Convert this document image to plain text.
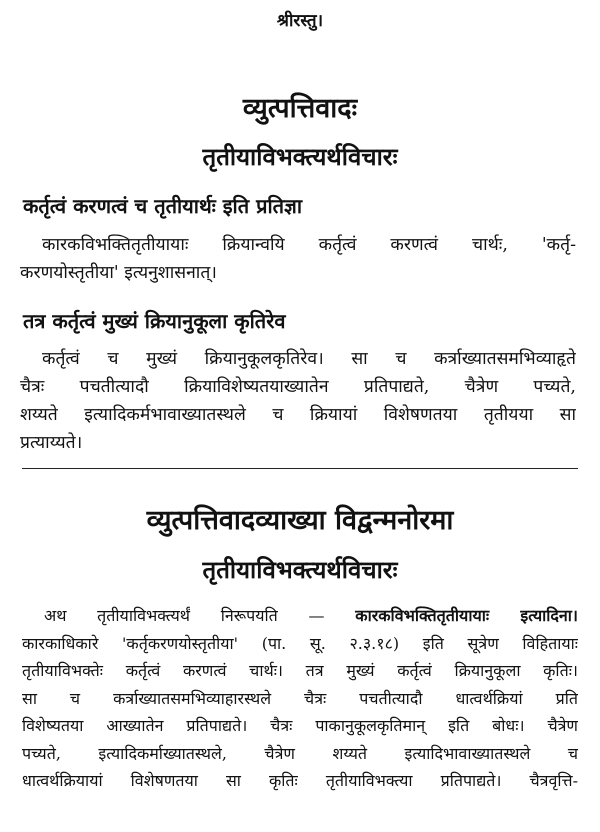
श्रीरस्तु।
व्युत्पत्तिवादः
तृतीयाविभक्त्यर्थविचारः
कर्तृत्वं करणत्वं च तृतीयार्थः इति प्रतिज्ञा
कारकविभक्तितृतीयायाः क्रियान्वयि कर्तृत्वं करणत्वं चार्थः, 'कर्तृ-
करणयोस्तृतीया' इत्यनुशासनात्।
तत्र कर्तृत्वं मुख्यं क्रियानुकूला कृतिरेव
कर्तृत्वं च मुख्यं क्रियानुकूलकृतिरेव। सा च कर्त्राख्यातसमभिव्याहृते
चैत्रः पचतीत्यादौ क्रियाविशेष्यतयाख्यातेन प्रतिपाद्यते, चैत्रेण पच्यते,
शय्यते इत्यादिकर्मभावाख्यातस्थले च क्रियायां विशेषणतया तृतीयया सा
प्रत्याय्यते।
व्युत्पत्तिवादव्याख्या विद्वन्मनोरमा
तृतीयाविभक्त्यर्थविचारः
अथ तृतीयाविभक्त्यर्थं निरूपयति — कारकविभक्तितृतीयायाः इत्यादिना।
कारकाधिकारे 'कर्तृकरणयोस्तृतीया' (पा. सू. २.३.१८) इति सूत्रेण विहितायाः
तृतीयाविभक्तेः कर्तृत्वं करणत्वं चार्थः। तत्र मुख्यं कर्तृत्वं क्रियानुकूला कृतिः।
सा च कर्त्राख्यातसमभिव्याहारस्थले चैत्रः पचतीत्यादौ धात्वर्थक्रियां प्रति
विशेष्यतया आख्यातेन प्रतिपाद्यते। चैत्रः पाकानुकूलकृतिमान् इति बोधः। चैत्रेण
पच्यते, इत्यादिकर्माख्यातस्थले, चैत्रेण शय्यते इत्यादिभावाख्यातस्थले च
धात्वर्थक्रियायां विशेषणतया सा कृतिः तृतीयाविभक्त्या प्रतिपाद्यते। चैत्रवृत्ति-
